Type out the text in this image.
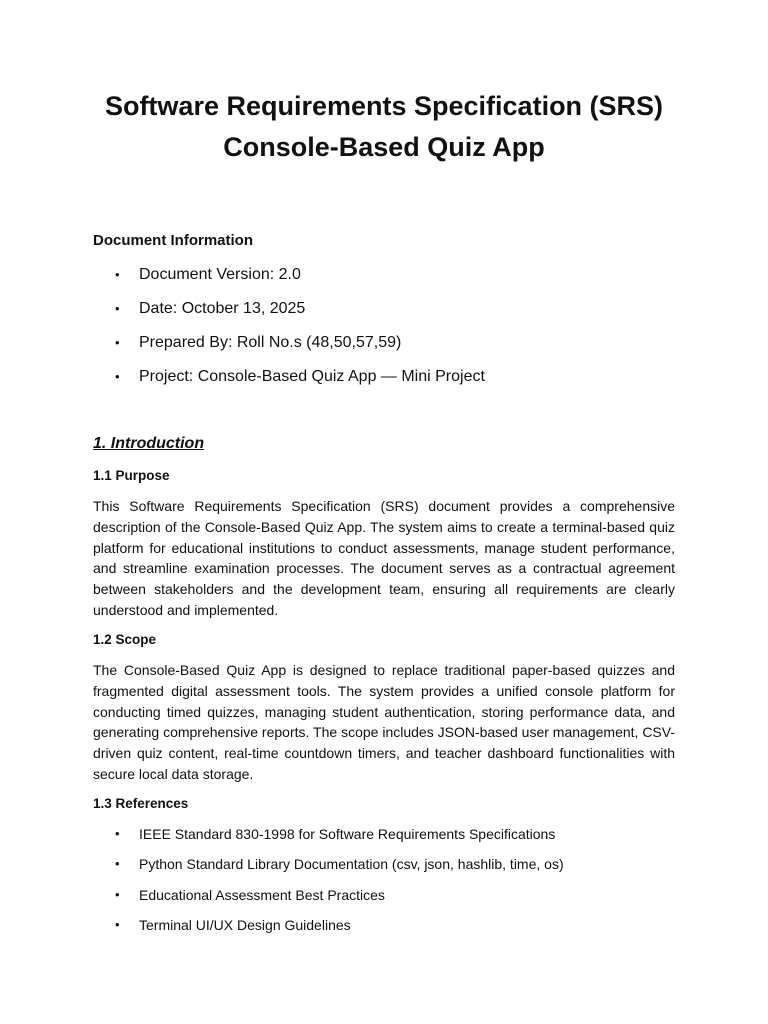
Software Requirements Specification (SRS)
Console-Based Quiz App
Document Information
• Document Version: 2.0
• Date: October 13, 2025
• Prepared By: Roll No.s (48,50,57,59)
• Project: Console-Based Quiz App — Mini Project
1. Introduction
1.1 Purpose
This Software Requirements Specification (SRS) document provides a comprehensive description of the Console-Based Quiz App. The system aims to create a terminal-based quiz platform for educational institutions to conduct assessments, manage student performance, and streamline examination processes. The document serves as a contractual agreement between stakeholders and the development team, ensuring all requirements are clearly understood and implemented.
1.2 Scope
The Console-Based Quiz App is designed to replace traditional paper-based quizzes and fragmented digital assessment tools. The system provides a unified console platform for conducting timed quizzes, managing student authentication, storing performance data, and generating comprehensive reports. The scope includes JSON-based user management, CSV-driven quiz content, real-time countdown timers, and teacher dashboard functionalities with secure local data storage.
1.3 References
• IEEE Standard 830-1998 for Software Requirements Specifications
• Python Standard Library Documentation (csv, json, hashlib, time, os)
• Educational Assessment Best Practices
• Terminal UI/UX Design Guidelines
